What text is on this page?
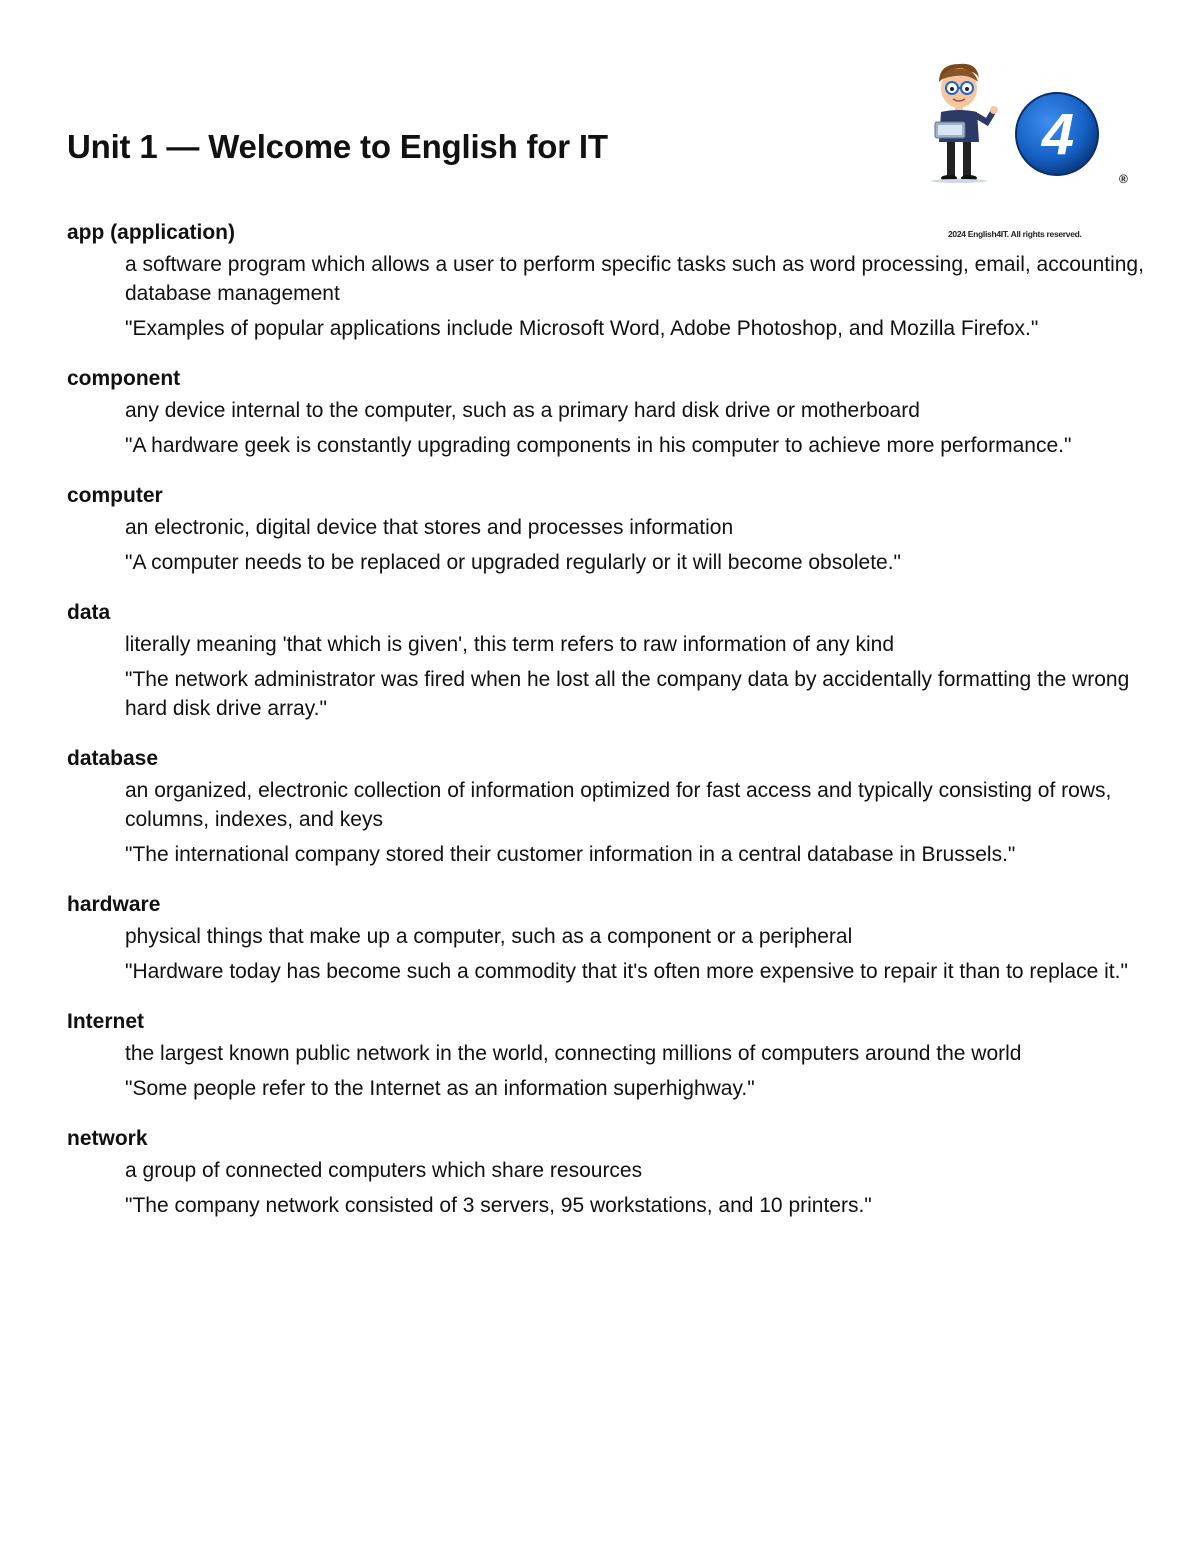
Unit 1 — Welcome to English for IT	4
®
2024 English4IT. All rights reserved.

app (application)

a software program which allows a user to perform specific tasks such as word processing, email, accounting, database management

"Examples of popular applications include Microsoft Word, Adobe Photoshop, and Mozilla Firefox."

component

any device internal to the computer, such as a primary hard disk drive or motherboard

"A hardware geek is constantly upgrading components in his computer to achieve more performance."

computer

an electronic, digital device that stores and processes information

"A computer needs to be replaced or upgraded regularly or it will become obsolete."

data

literally meaning 'that which is given', this term refers to raw information of any kind

"The network administrator was fired when he lost all the company data by accidentally formatting the wrong hard disk drive array."

database

an organized, electronic collection of information optimized for fast access and typically consisting of rows, columns, indexes, and keys

"The international company stored their customer information in a central database in Brussels."

hardware

physical things that make up a computer, such as a component or a peripheral

"Hardware today has become such a commodity that it's often more expensive to repair it than to replace it."

Internet

the largest known public network in the world, connecting millions of computers around the world

"Some people refer to the Internet as an information superhighway."

network

a group of connected computers which share resources

"The company network consisted of 3 servers, 95 workstations, and 10 printers."
